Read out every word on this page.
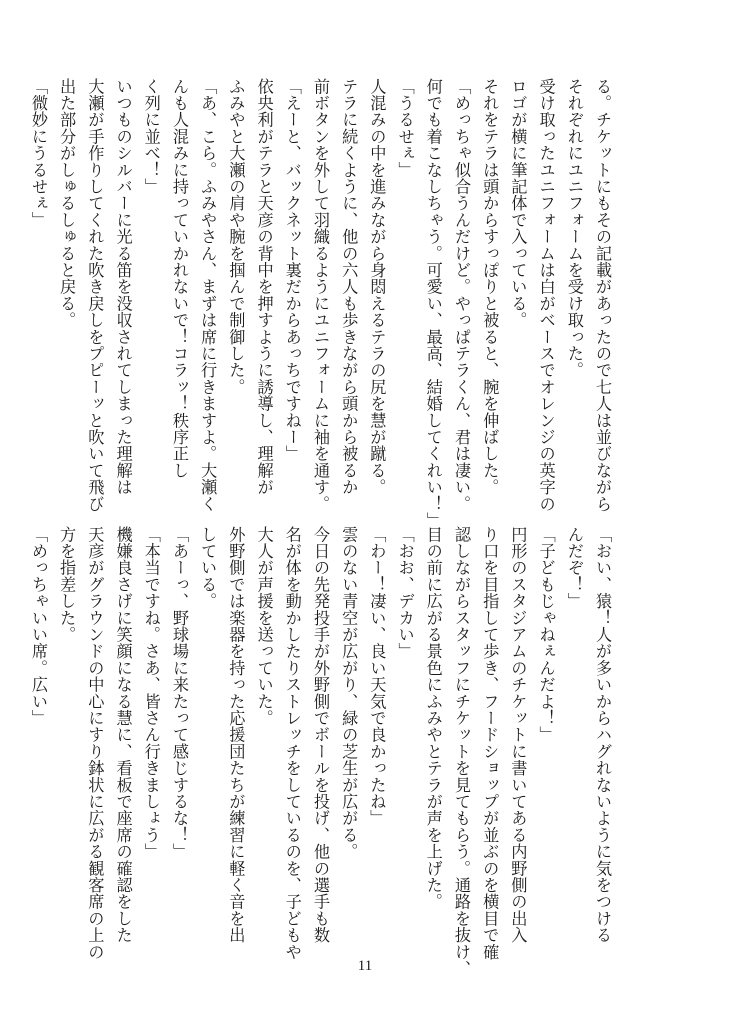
る。チケットにもその記載があったので七人は並びながら
それぞれにユニフォームを受け取った。
受け取ったユニフォームは白がベースでオレンジの英字の
ロゴが横に筆記体で入っている。
それをテラは頭からすっぽりと被ると、腕を伸ばした。
「めっちゃ似合うんだけど。やっぱテラくん、君は凄い。
何でも着こなしちゃう。可愛い、最高、結婚してくれい！」
「うるせぇ」
人混みの中を進みながら身悶えるテラの尻を慧が蹴る。
テラに続くように、他の六人も歩きながら頭から被るか
前ボタンを外して羽織るようにユニフォームに袖を通す。
「えーと、バックネット裏だからあっちですねー」
依央利がテラと天彦の背中を押すように誘導し、理解が
ふみやと大瀬の肩や腕を掴んで制御した。
「あ、こら。ふみやさん、まずは席に行きますよ。大瀬く
んも人混みに持っていかれないで！コラッ！秩序正し
く列に並べ！」
いつものシルバーに光る笛を没収されてしまった理解は
大瀬が手作りしてくれた吹き戻しをプピーッと吹いて飛び
出た部分がしゅるしゅると戻る。
「微妙にうるせぇ」
「おい、猿！人が多いからハグれないように気をつける
んだぞ！」
「子どもじゃねぇんだよ！」
円形のスタジアムのチケットに書いてある内野側の出入
り口を目指して歩き、フードショップが並ぶのを横目で確
認しながらスタッフにチケットを見てもらう。通路を抜け、
目の前に広がる景色にふみやとテラが声を上げた。
「おお、デカい」
「わー！凄い、良い天気で良かったね」
雲のない青空が広がり、緑の芝生が広がる。
今日の先発投手が外野側でボールを投げ、他の選手も数
名が体を動かしたりストレッチをしているのを、子どもや
大人が声援を送っていた。
外野側では楽器を持った応援団たちが練習に軽く音を出
している。
「あーっ、野球場に来たって感じするな！」
「本当ですね。さあ、皆さん行きましょう」
機嫌良さげに笑顔になる慧に、看板で座席の確認をした
天彦がグラウンドの中心にすり鉢状に広がる観客席の上の
方を指差した。
「めっちゃいい席。広い」
11
